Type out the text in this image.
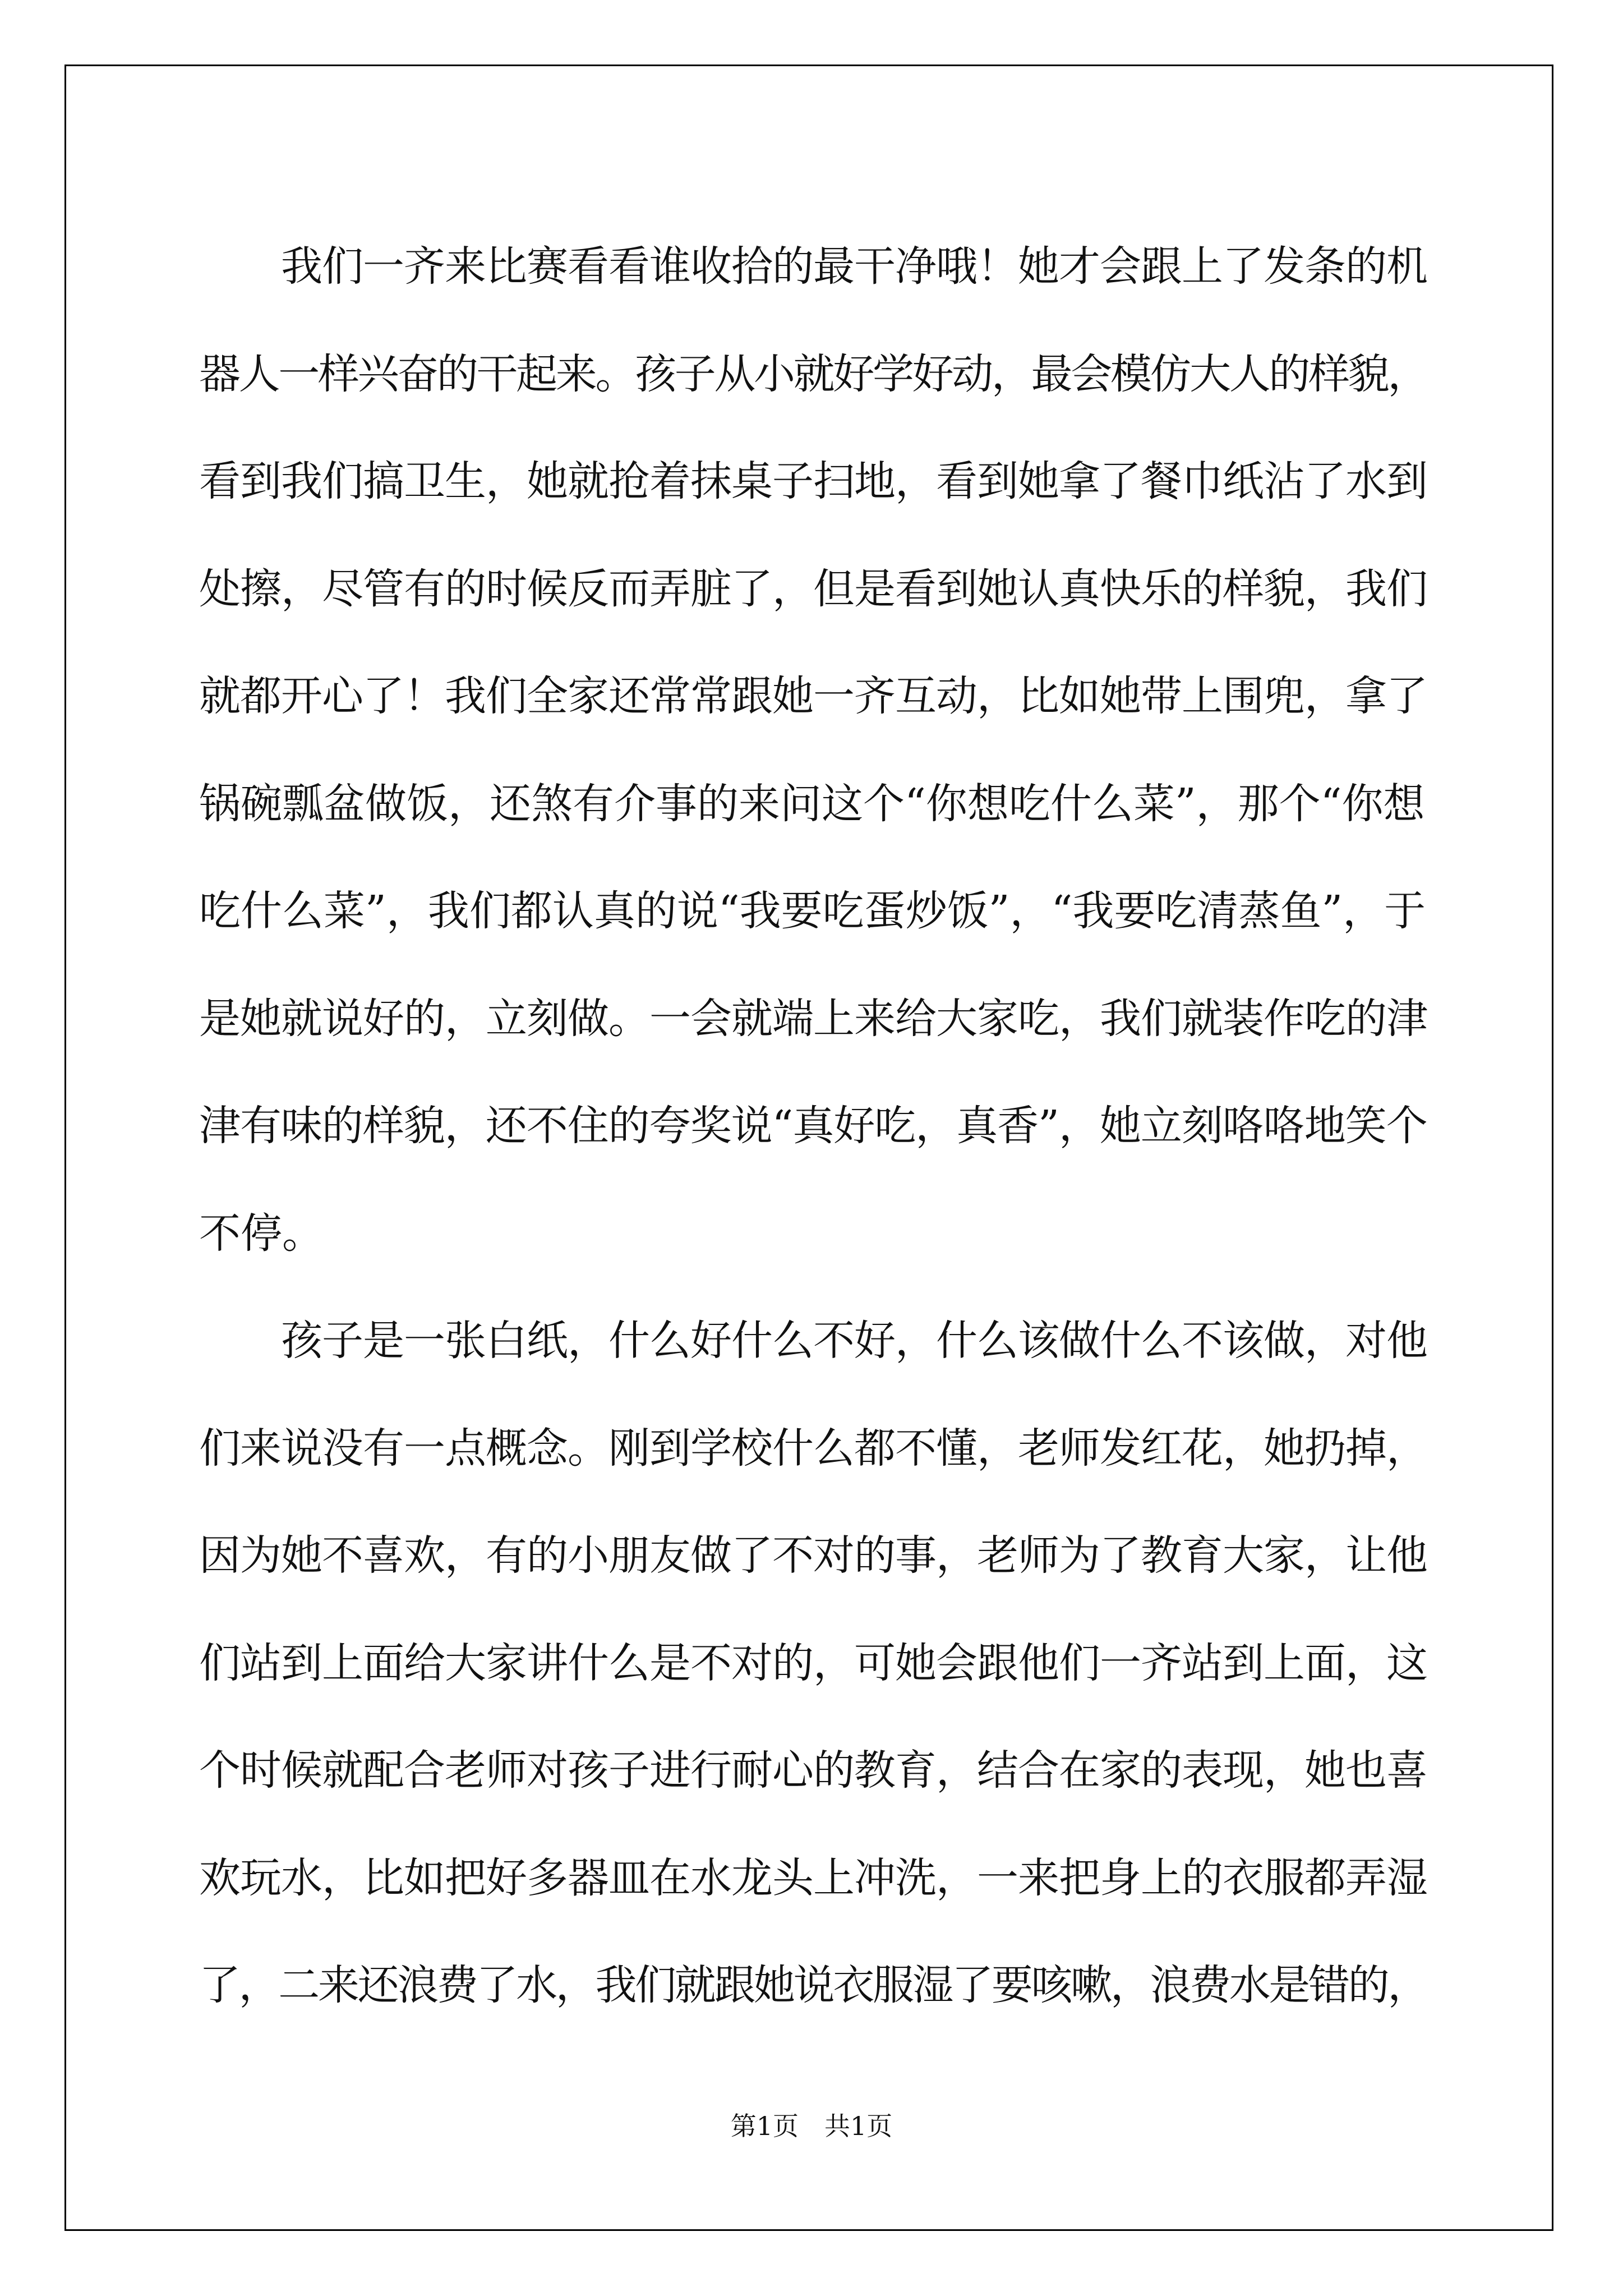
　　我们一齐来比赛看看谁收拾的最干净哦！她才会跟上了发条的机
器人一样兴奋的干起来。孩子从小就好学好动，最会模仿大人的样貌，
看到我们搞卫生，她就抢着抹桌子扫地，看到她拿了餐巾纸沾了水到
处擦，尽管有的时候反而弄脏了，但是看到她认真快乐的样貌，我们
就都开心了！我们全家还常常跟她一齐互动，比如她带上围兜，拿了
锅碗瓢盆做饭，还煞有介事的来问这个“你想吃什么菜”，那个“你想
吃什么菜”，我们都认真的说“我要吃蛋炒饭”，“我要吃清蒸鱼”，于
是她就说好的，立刻做。一会就端上来给大家吃，我们就装作吃的津
津有味的样貌，还不住的夸奖说“真好吃，真香”，她立刻咯咯地笑个
不停。
　　孩子是一张白纸，什么好什么不好，什么该做什么不该做，对他
们来说没有一点概念。刚到学校什么都不懂，老师发红花，她扔掉，
因为她不喜欢，有的小朋友做了不对的事，老师为了教育大家，让他
们站到上面给大家讲什么是不对的，可她会跟他们一齐站到上面，这
个时候就配合老师对孩子进行耐心的教育，结合在家的表现，她也喜
欢玩水，比如把好多器皿在水龙头上冲洗，一来把身上的衣服都弄湿
了，二来还浪费了水，我们就跟她说衣服湿了要咳嗽，浪费水是错的，
第1页　共1页
